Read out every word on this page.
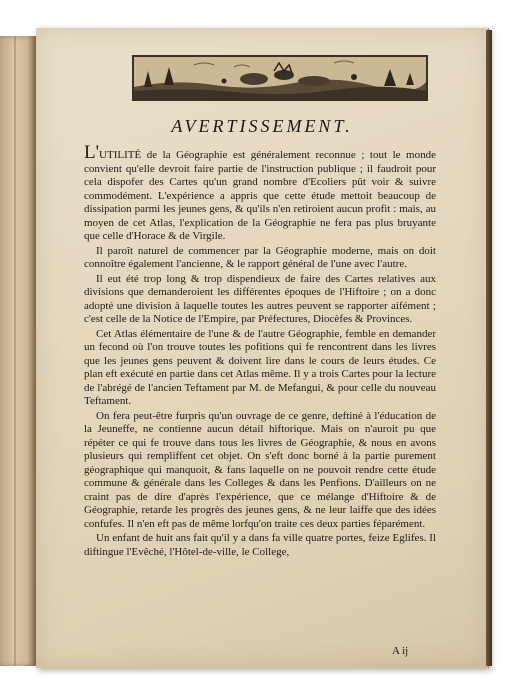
AVERTISSEMENT.

L'UTILITÉ de la Géographie est généralement reconnue ; tout le monde convient qu'elle devroit faire partie de l'instruction publique ; il faudroit pour cela dispofer des Cartes qu'un grand nombre d'Ecoliers pût voir & suivre commodément. L'expérience a appris que cette étude mettoit beaucoup de dissipation parmi les jeunes gens, & qu'ils n'en retiroient aucun profit : mais, au moyen de cet Atlas, l'explication de la Géographie ne fera pas plus bruyante que celle d'Horace & de Virgile.

Il paroît naturel de commencer par la Géographie moderne, mais on doit connoître également l'ancienne, & le rapport général de l'une avec l'autre.

Il eut été trop long & trop dispendieux de faire des Cartes relatives aux divisions que demanderoient les différentes époques de l'Hiftoire ; on a donc adopté une division à laquelle toutes les autres peuvent se rapporter aifément ; c'est celle de la Notice de l'Empire, par Préfectures, Diocèfes & Provinces.

Cet Atlas élémentaire de l'une & de l'autre Géographie, femble en demander un fecond où l'on trouve toutes les pofitions qui fe rencontrent dans les livres que les jeunes gens peuvent & doivent lire dans le cours de leurs études. Ce plan eft exécuté en partie dans cet Atlas même. Il y a trois Cartes pour la lecture de l'abrégé de l'ancien Teftament par M. de Mefangui, & pour celle du nouveau Teftament.

On fera peut-être furpris qu'un ouvrage de ce genre, deftiné à l'éducation de la Jeuneffe, ne contienne aucun détail hiftorique. Mais on n'auroit pu que répéter ce qui fe trouve dans tous les livres de Géographie, & nous en avons plusieurs qui rempliffent cet objet. On s'eft donc borné à la partie purement géographique qui manquoit, & fans laquelle on ne pouvoit rendre cette étude commune & générale dans les Colleges & dans les Penfions. D'ailleurs on ne craint pas de dire d'après l'expérience, que ce mélange d'Hiftoire & de Géographie, retarde les progrès des jeunes gens, & ne leur laiffe que des idées confufes. Il n'en eft pas de même lorfqu'on traite ces deux parties féparément.

Un enfant de huit ans fait qu'il y a dans fa ville quatre portes, feize Eglifes. Il diftingue l'Evêché, l'Hôtel-de-ville, le College,

A ij
